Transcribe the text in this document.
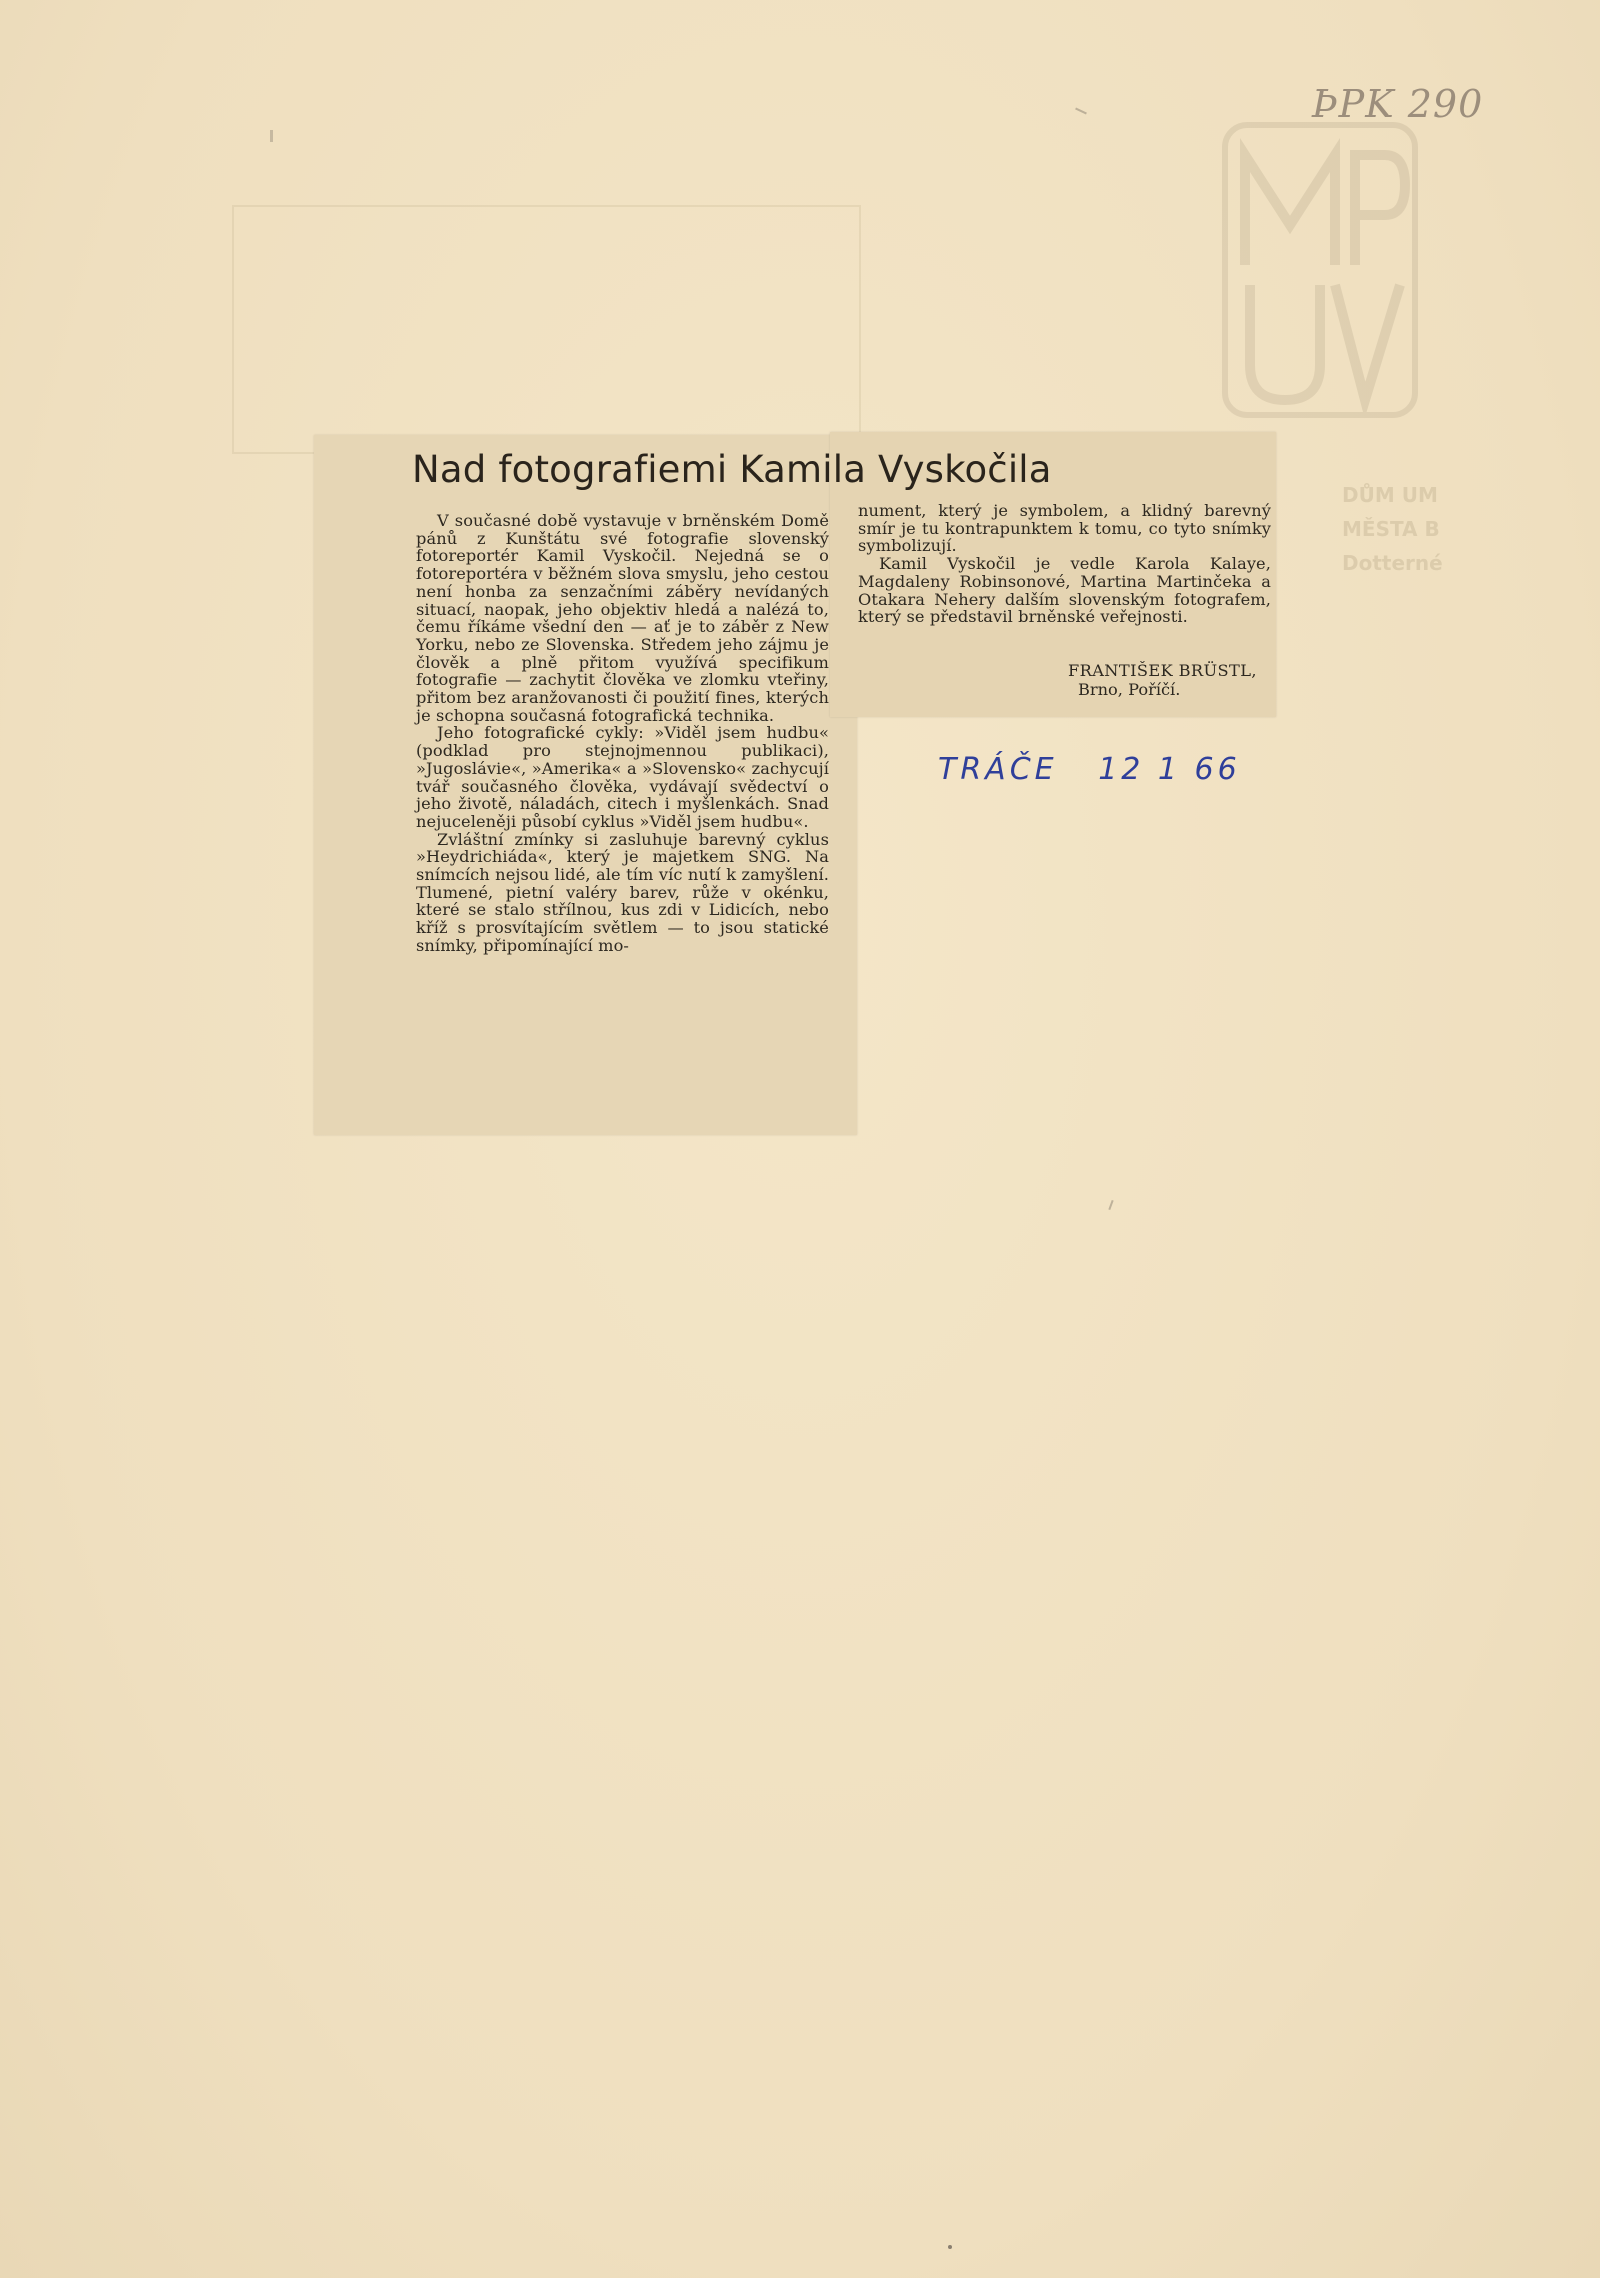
DŮM UM
MĚSTA B
Dotterné
ÞPK 290
Nad fotografiemi Kamila Vyskočila

V současné době vystavuje v brněnském Domě pánů z Kunštátu své fotografie slovenský fotoreportér Kamil Vyskočil. Nejedná se o fotoreportéra v běžném slova smyslu, jeho cestou není honba za senzačními záběry nevídaných situací, naopak, jeho objektiv hledá a nalézá to, čemu říkáme všední den — ať je to záběr z New Yorku, nebo ze Slovenska. Středem jeho zájmu je člověk a plně přitom využívá specifikum fotografie — zachytit člověka ve zlomku vteřiny, přitom bez aranžovanosti či použití fines, kterých je schopna současná fotografická technika.

Jeho fotografické cykly: »Viděl jsem hudbu« (podklad pro stejnojmennou publikaci), »Jugoslávie«, »Amerika« a »Slovensko« zachycují tvář současného člověka, vydávají svědectví o jeho životě, náladách, citech i myšlenkách. Snad nejuceleněji působí cyklus »Viděl jsem hudbu«.

Zvláštní zmínky si zasluhuje barevný cyklus »Heydrichiáda«, který je majetkem SNG. Na snímcích nejsou lidé, ale tím víc nutí k zamyšlení. Tlumené, pietní valéry barev, růže v okénku, které se stalo střílnou, kus zdi v Lidicích, nebo kříž s prosvítajícím světlem — to jsou statické snímky, připomínající mo-

nument, který je symbolem, a klidný barevný smír je tu kontrapunktem k tomu, co tyto snímky symbolizují.

Kamil Vyskočil je vedle Karola Kalaye, Magdaleny Robinsonové, Martina Martinčeka a Otakara Nehery dalším slovenským fotografem, který se představil brněnské veřejnosti.

FRANTIŠEK BRÜSTL,
Brno, Poříčí.
TRÁČE   12 1 66
